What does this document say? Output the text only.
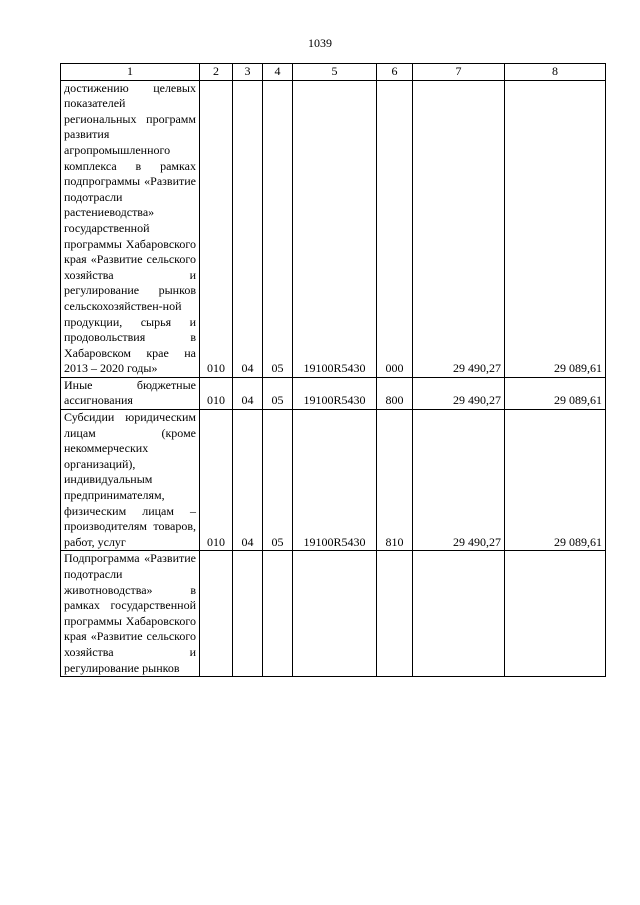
1039
1	2	3	4	5	6	7	8
достижению целевых показателей региональных программ развития агропромышленного комплекса в рамках подпрограммы «Развитие подотрасли растениеводства» государственной программы Хабаровского края «Развитие сельского хозяйства и регулирование рынков сельскохозяйствен-ной продукции, сырья и продовольствия в Хабаровском крае на 2013 – 2020 годы»	010	04	05	19100R5430	000	29 490,27	29 089,61
Иные бюджетные ассигнования	010	04	05	19100R5430	800	29 490,27	29 089,61
Субсидии юридическим лицам (кроме некоммерческих организаций), индивидуальным предпринимателям, физическим лицам – производителям товаров, работ, услуг	010	04	05	19100R5430	810	29 490,27	29 089,61
Подпрограмма «Развитие подотрасли животноводства» в рамках государственной программы Хабаровского края «Развитие сельского хозяйства и регулирование рынков							
